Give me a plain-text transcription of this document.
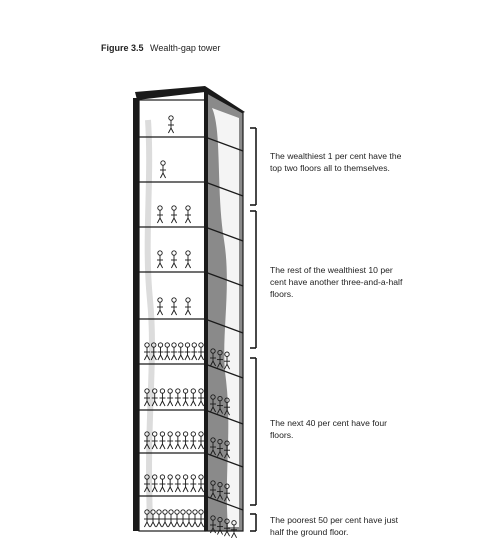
Figure 3.5 Wealth-gap tower
The wealthiest 1 per cent have the top two floors all to themselves.
The rest of the wealthiest 10 per cent have another three-and-a-half floors.
The next 40 per cent have four floors.
The poorest 50 per cent have just half the ground floor.
